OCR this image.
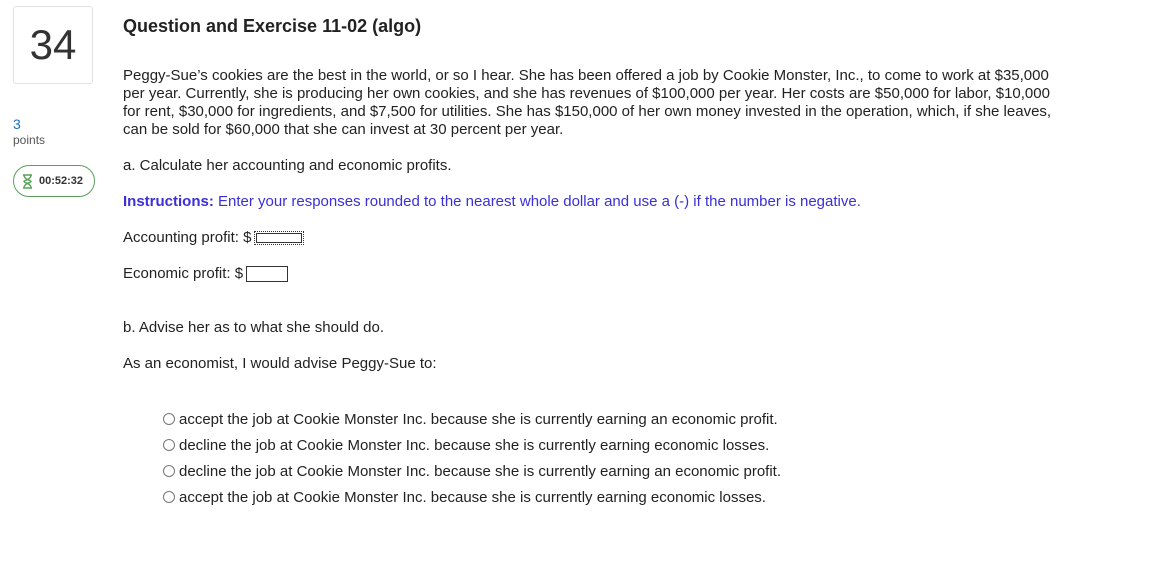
34
3
points
00:52:32
Question and Exercise 11-02 (algo)
Peggy-Sue’s cookies are the best in the world, or so I hear. She has been offered a job by Cookie Monster, Inc., to come to work at $35,000 per year. Currently, she is producing her own cookies, and she has revenues of $100,000 per year. Her costs are $50,000 for labor, $10,000 for rent, $30,000 for ingredients, and $7,500 for utilities. She has $150,000 of her own money invested in the operation, which, if she leaves, can be sold for $60,000 that she can invest at 30 percent per year.
a. Calculate her accounting and economic profits.
Instructions: Enter your responses rounded to the nearest whole dollar and use a (-) if the number is negative.
Accounting profit: $
Economic profit: $
b. Advise her as to what she should do.
As an economist, I would advise Peggy-Sue to:
accept the job at Cookie Monster Inc. because she is currently earning an economic profit.
decline the job at Cookie Monster Inc. because she is currently earning economic losses.
decline the job at Cookie Monster Inc. because she is currently earning an economic profit.
accept the job at Cookie Monster Inc. because she is currently earning economic losses.
